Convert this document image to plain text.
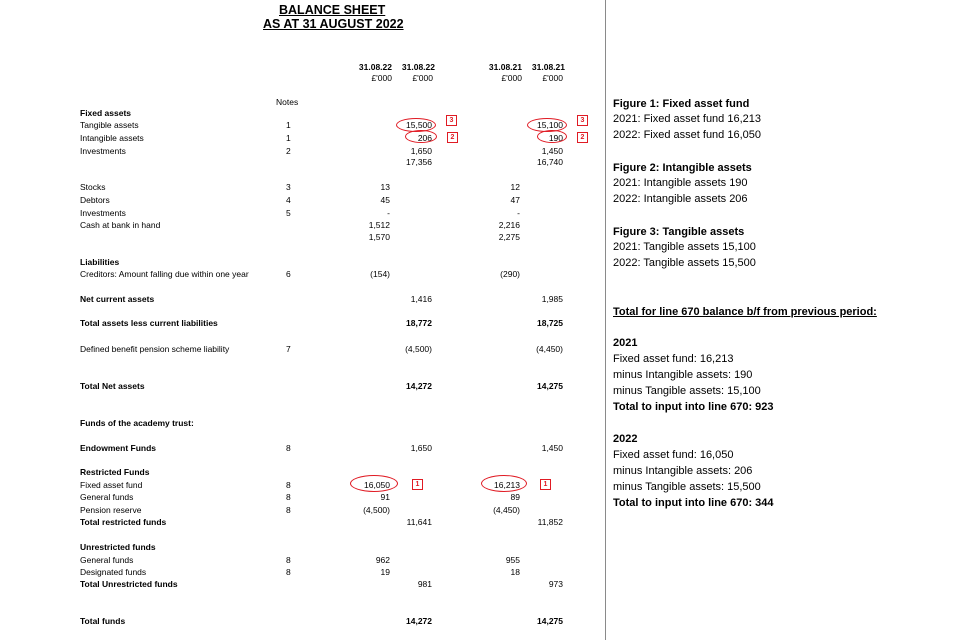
BALANCE SHEET
AS AT 31 AUGUST 2022
31.08.22	31.08.22	31.08.21	31.08.21
£'000	£'000	£'000	£'000
Notes
Fixed assets
Tangible assets	1	15,500	15,100
Intangible assets	1	206	190
Investments	2	1,650	1,450
17,356	16,740
Stocks	3	13	12
Debtors	4	45	47
Investments	5	-	-
Cash at bank in hand	1,512	2,216
1,570	2,275
Liabilities
Creditors: Amount falling due within one year	6	(154)	(290)
Net current assets	1,416	1,985
Total assets less current liabilities	18,772	18,725
Defined benefit pension scheme liability	7	(4,500)	(4,450)
Total Net assets	14,272	14,275
Funds of the academy trust:
Endowment Funds	8	1,650	1,450
Restricted Funds
Fixed asset fund	8	16,050	16,213
General funds	8	91	89
Pension reserve	8	(4,500)	(4,450)
Total restricted funds	11,641	11,852
Unrestricted funds
General funds	8	962	955
Designated funds	8	19	18
Total Unrestricted funds	981	973
Total funds	14,272	14,275
3
2
3
2
1	1
Figure 1: Fixed asset fund
2021: Fixed asset fund 16,213
2022: Fixed asset fund 16,050
Figure 2: Intangible assets
2021: Intangible assets 190
2022: Intangible assets 206
Figure 3: Tangible assets
2021: Tangible assets 15,100
2022: Tangible assets 15,500
Total for line 670 balance b/f from previous period:
2021
Fixed asset fund: 16,213
minus Intangible assets: 190
minus Tangible assets: 15,100
Total to input into line 670: 923
2022
Fixed asset fund: 16,050
minus Intangible assets: 206
minus Tangible assets: 15,500
Total to input into line 670: 344
